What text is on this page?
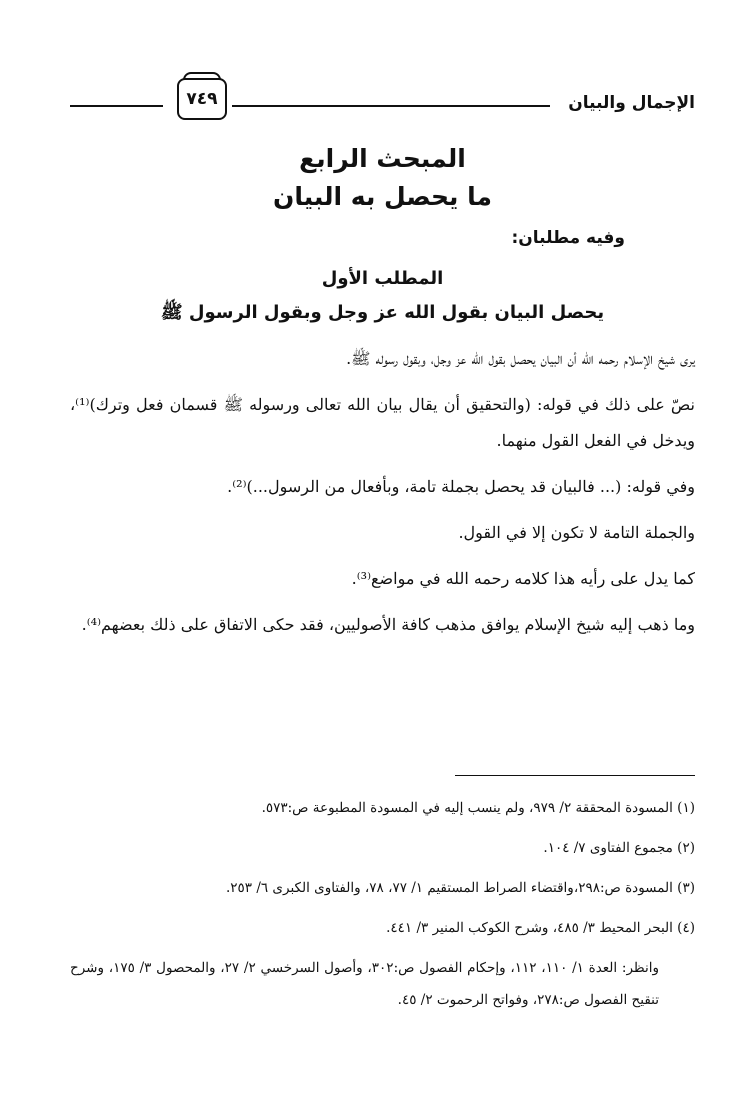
الإجمال والبيان
٧٤٩
المبحث الرابع
ما يحصل به البيان
وفيه مطلبان:
المطلب الأول
يحصل البيان بقول الله عز وجل وبقول الرسول ﷺ

يرى شيخ الإسلام رحمه الله أن البيان يحصل بقول الله عز وجل، وبقول رسوله ﷺ.

نصّ على ذلك في قوله: (والتحقيق أن يقال بيان الله تعالى ورسوله ﷺ قسمان فعل وترك)⁽¹⁾، ويدخل في الفعل القول منهما.

وفي قوله: (... فالبيان قد يحصل بجملة تامة، وبأفعال من الرسول...)⁽²⁾.

والجملة التامة لا تكون إلا في القول.

كما يدل على رأيه هذا كلامه رحمه الله في مواضع⁽³⁾.

وما ذهب إليه شيخ الإسلام يوافق مذهب كافة الأصوليين، فقد حكى الاتفاق على ذلك بعضهم⁽⁴⁾.

(١) المسودة المحققة ٢/ ٩٧٩، ولم ينسب إليه في المسودة المطبوعة ص:٥٧٣.

(٢) مجموع الفتاوى ٧/ ١٠٤.

(٣) المسودة ص:٢٩٨،واقتضاء الصراط المستقيم ١/ ٧٧، ٧٨، والفتاوى الكبرى ٦/ ٢٥٣.

(٤) البحر المحيط ٣/ ٤٨٥، وشرح الكوكب المنير ٣/ ٤٤١.

وانظر: العدة ١/ ١١٠، ١١٢، وإحكام الفصول ص:٣٠٢، وأصول السرخسي ٢/ ٢٧، والمحصول ٣/ ١٧٥، وشرح تنقيح الفصول ص:٢٧٨، وفواتح الرحموت ٢/ ٤٥.
